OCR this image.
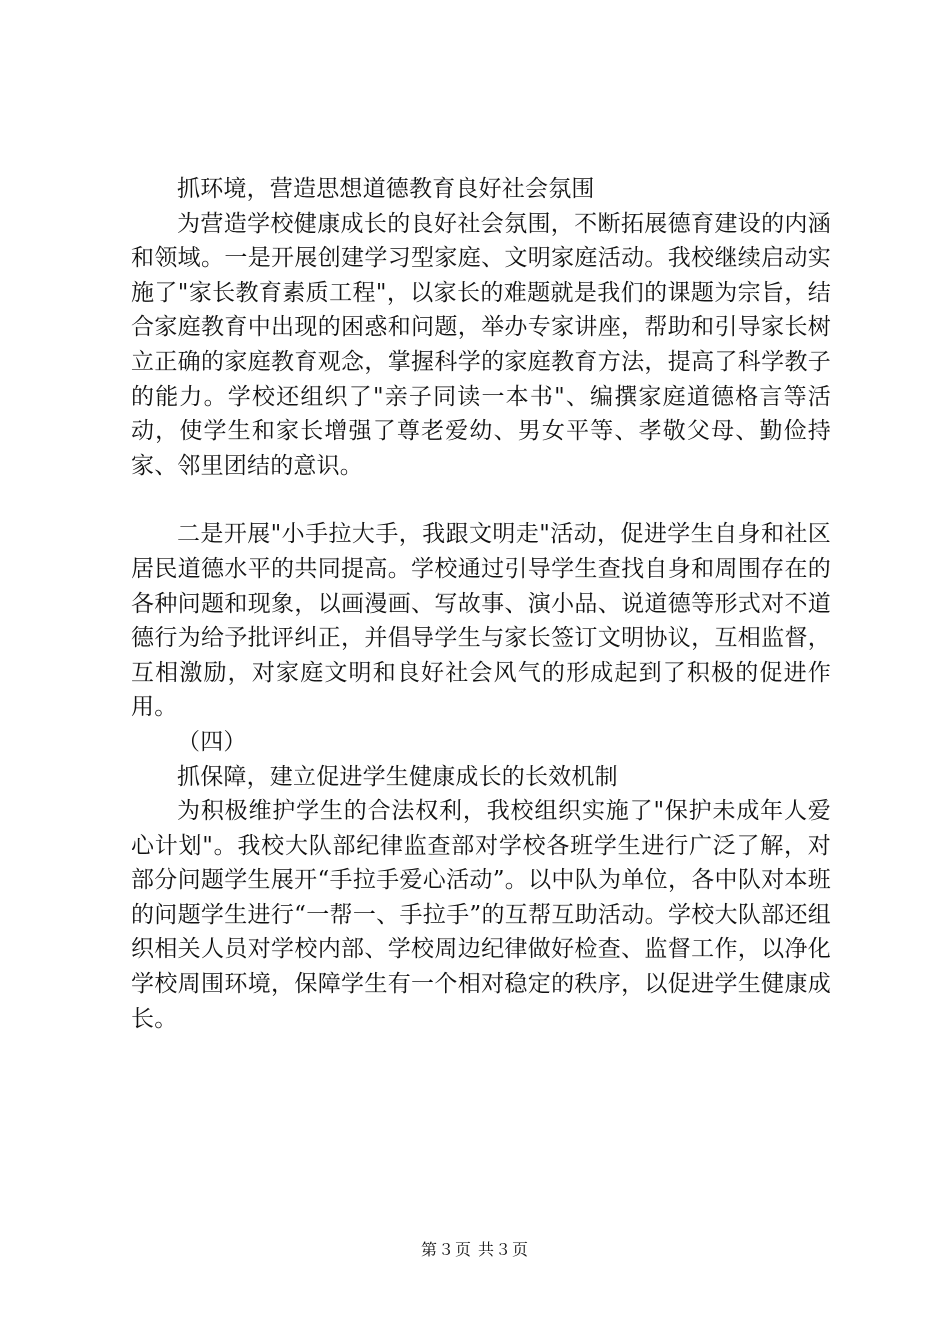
抓环境，营造思想道德教育良好社会氛围

为营造学校健康成长的良好社会氛围，不断拓展德育建设的内涵和领域。一是开展创建学习型家庭、文明家庭活动。我校继续启动实施了"家长教育素质工程"，以家长的难题就是我们的课题为宗旨，结合家庭教育中出现的困惑和问题，举办专家讲座，帮助和引导家长树立正确的家庭教育观念，掌握科学的家庭教育方法，提高了科学教子的能力。学校还组织了"亲子同读一本书"、编撰家庭道德格言等活动，使学生和家长增强了尊老爱幼、男女平等、孝敬父母、勤俭持家、邻里团结的意识。

二是开展"小手拉大手，我跟文明走"活动，促进学生自身和社区居民道德水平的共同提高。学校通过引导学生查找自身和周围存在的各种问题和现象，以画漫画、写故事、演小品、说道德等形式对不道德行为给予批评纠正，并倡导学生与家长签订文明协议，互相监督，互相激励，对家庭文明和良好社会风气的形成起到了积极的促进作用。

（四）

抓保障，建立促进学生健康成长的长效机制

为积极维护学生的合法权利，我校组织实施了"保护未成年人爱心计划"。我校大队部纪律监查部对学校各班学生进行广泛了解，对部分问题学生展开“手拉手爱心活动”。以中队为单位，各中队对本班的问题学生进行“一帮一、手拉手”的互帮互助活动。学校大队部还组织相关人员对学校内部、学校周边纪律做好检查、监督工作，以净化学校周围环境，保障学生有一个相对稳定的秩序，以促进学生健康成长。

第３页 共３页
